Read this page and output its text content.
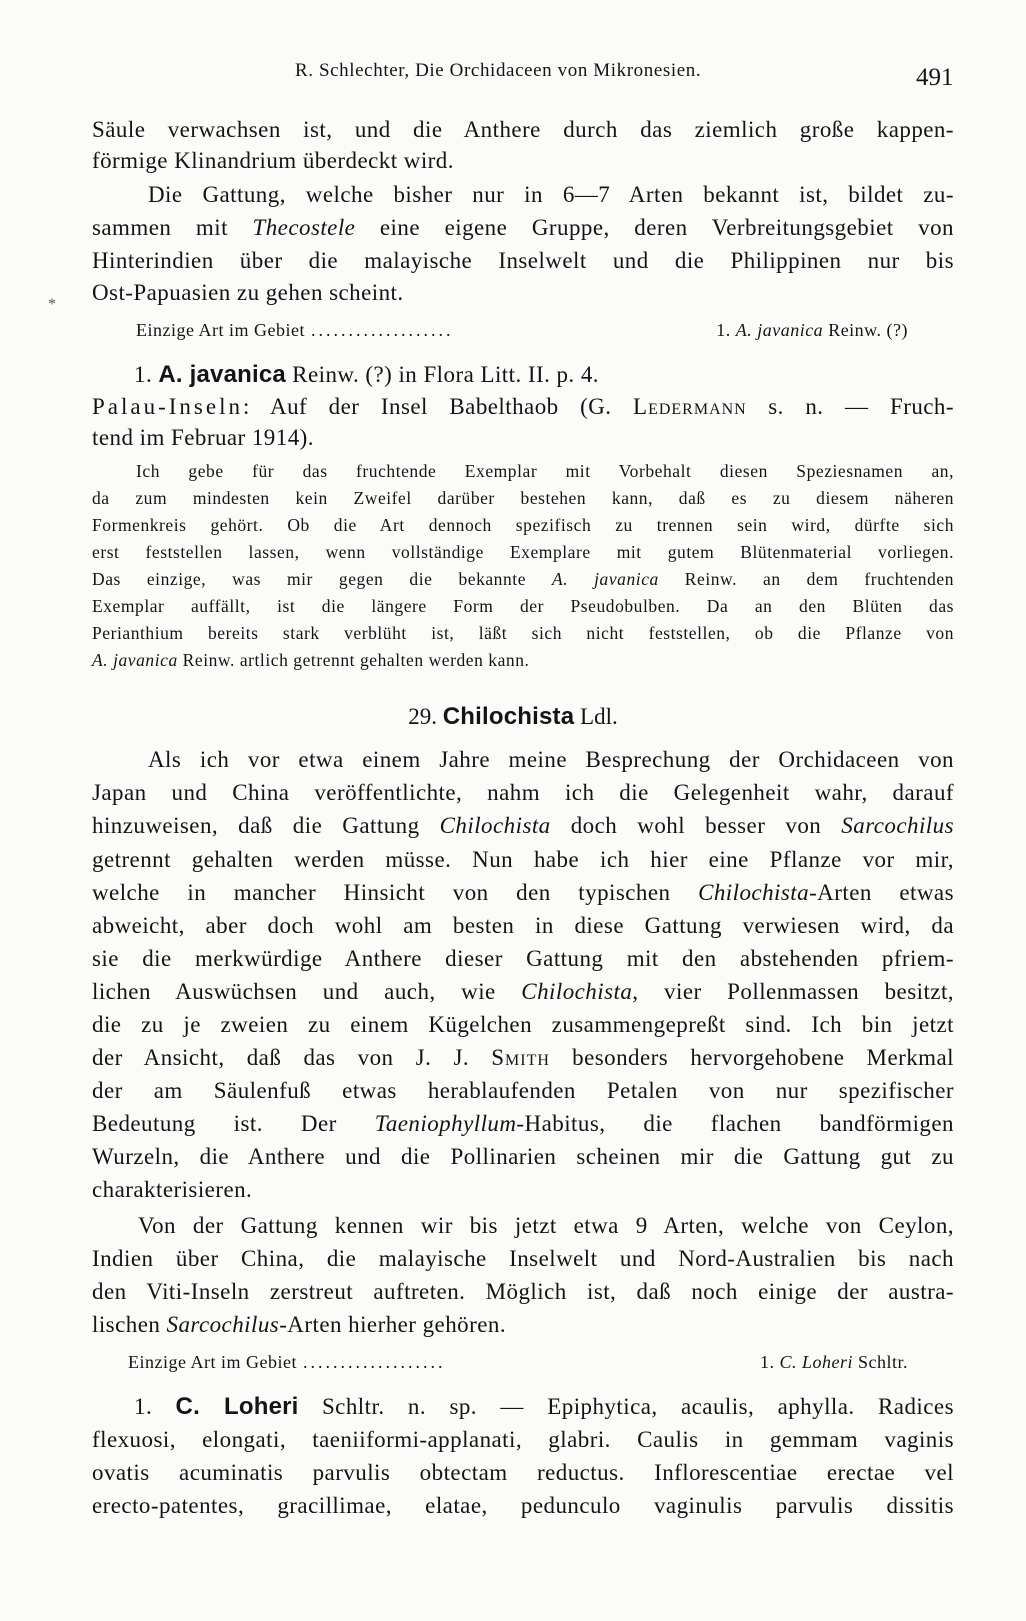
R. Schlechter, Die Orchidaceen von Mikronesien.	491
*
Säule verwachsen ist, und die Anthere durch das ziemlich große kappen-
förmige Klinandrium überdeckt wird.
Die Gattung, welche bisher nur in 6—7 Arten bekannt ist, bildet zu-
sammen mit Thecostele eine eigene Gruppe, deren Verbreitungsgebiet von
Hinterindien über die malayische Inselwelt und die Philippinen nur bis
Ost-Papuasien zu gehen scheint.
Einzige Art im Gebiet ...................	1. A. javanica Reinw. (?)
1. A. javanica Reinw. (?) in Flora Litt. II. p. 4.
Palau-Inseln: Auf der Insel Babelthaob (G. Ledermann s. n. — Fruch-
tend im Februar 1914).
Ich gebe für das fruchtende Exemplar mit Vorbehalt diesen Speziesnamen an,
da zum mindesten kein Zweifel darüber bestehen kann, daß es zu diesem näheren
Formenkreis gehört. Ob die Art dennoch spezifisch zu trennen sein wird, dürfte sich
erst feststellen lassen, wenn vollständige Exemplare mit gutem Blütenmaterial vorliegen.
Das einzige, was mir gegen die bekannte A. javanica Reinw. an dem fruchtenden
Exemplar auffällt, ist die längere Form der Pseudobulben. Da an den Blüten das
Perianthium bereits stark verblüht ist, läßt sich nicht feststellen, ob die Pflanze von
A. javanica Reinw. artlich getrennt gehalten werden kann.
29. Chilochista Ldl.
Als ich vor etwa einem Jahre meine Besprechung der Orchidaceen von
Japan und China veröffentlichte, nahm ich die Gelegenheit wahr, darauf
hinzuweisen, daß die Gattung Chilochista doch wohl besser von Sarcochilus
getrennt gehalten werden müsse. Nun habe ich hier eine Pflanze vor mir,
welche in mancher Hinsicht von den typischen Chilochista-Arten etwas
abweicht, aber doch wohl am besten in diese Gattung verwiesen wird, da
sie die merkwürdige Anthere dieser Gattung mit den abstehenden pfriem-
lichen Auswüchsen und auch, wie Chilochista, vier Pollenmassen besitzt,
die zu je zweien zu einem Kügelchen zusammengepreßt sind. Ich bin jetzt
der Ansicht, daß das von J. J. Smith besonders hervorgehobene Merkmal
der am Säulenfuß etwas herablaufenden Petalen von nur spezifischer
Bedeutung ist. Der Taeniophyllum-Habitus, die flachen bandförmigen
Wurzeln, die Anthere und die Pollinarien scheinen mir die Gattung gut zu
charakterisieren.
Von der Gattung kennen wir bis jetzt etwa 9 Arten, welche von Ceylon,
Indien über China, die malayische Inselwelt und Nord-Australien bis nach
den Viti-Inseln zerstreut auftreten. Möglich ist, daß noch einige der austra-
lischen Sarcochilus-Arten hierher gehören.
Einzige Art im Gebiet ...................	1. C. Loheri Schltr.
1. C. Loheri Schltr. n. sp. — Epiphytica, acaulis, aphylla. Radices
flexuosi, elongati, taeniiformi-applanati, glabri. Caulis in gemmam vaginis
ovatis acuminatis parvulis obtectam reductus. Inflorescentiae erectae vel
erecto-patentes, gracillimae, elatae, pedunculo vaginulis parvulis dissitis
